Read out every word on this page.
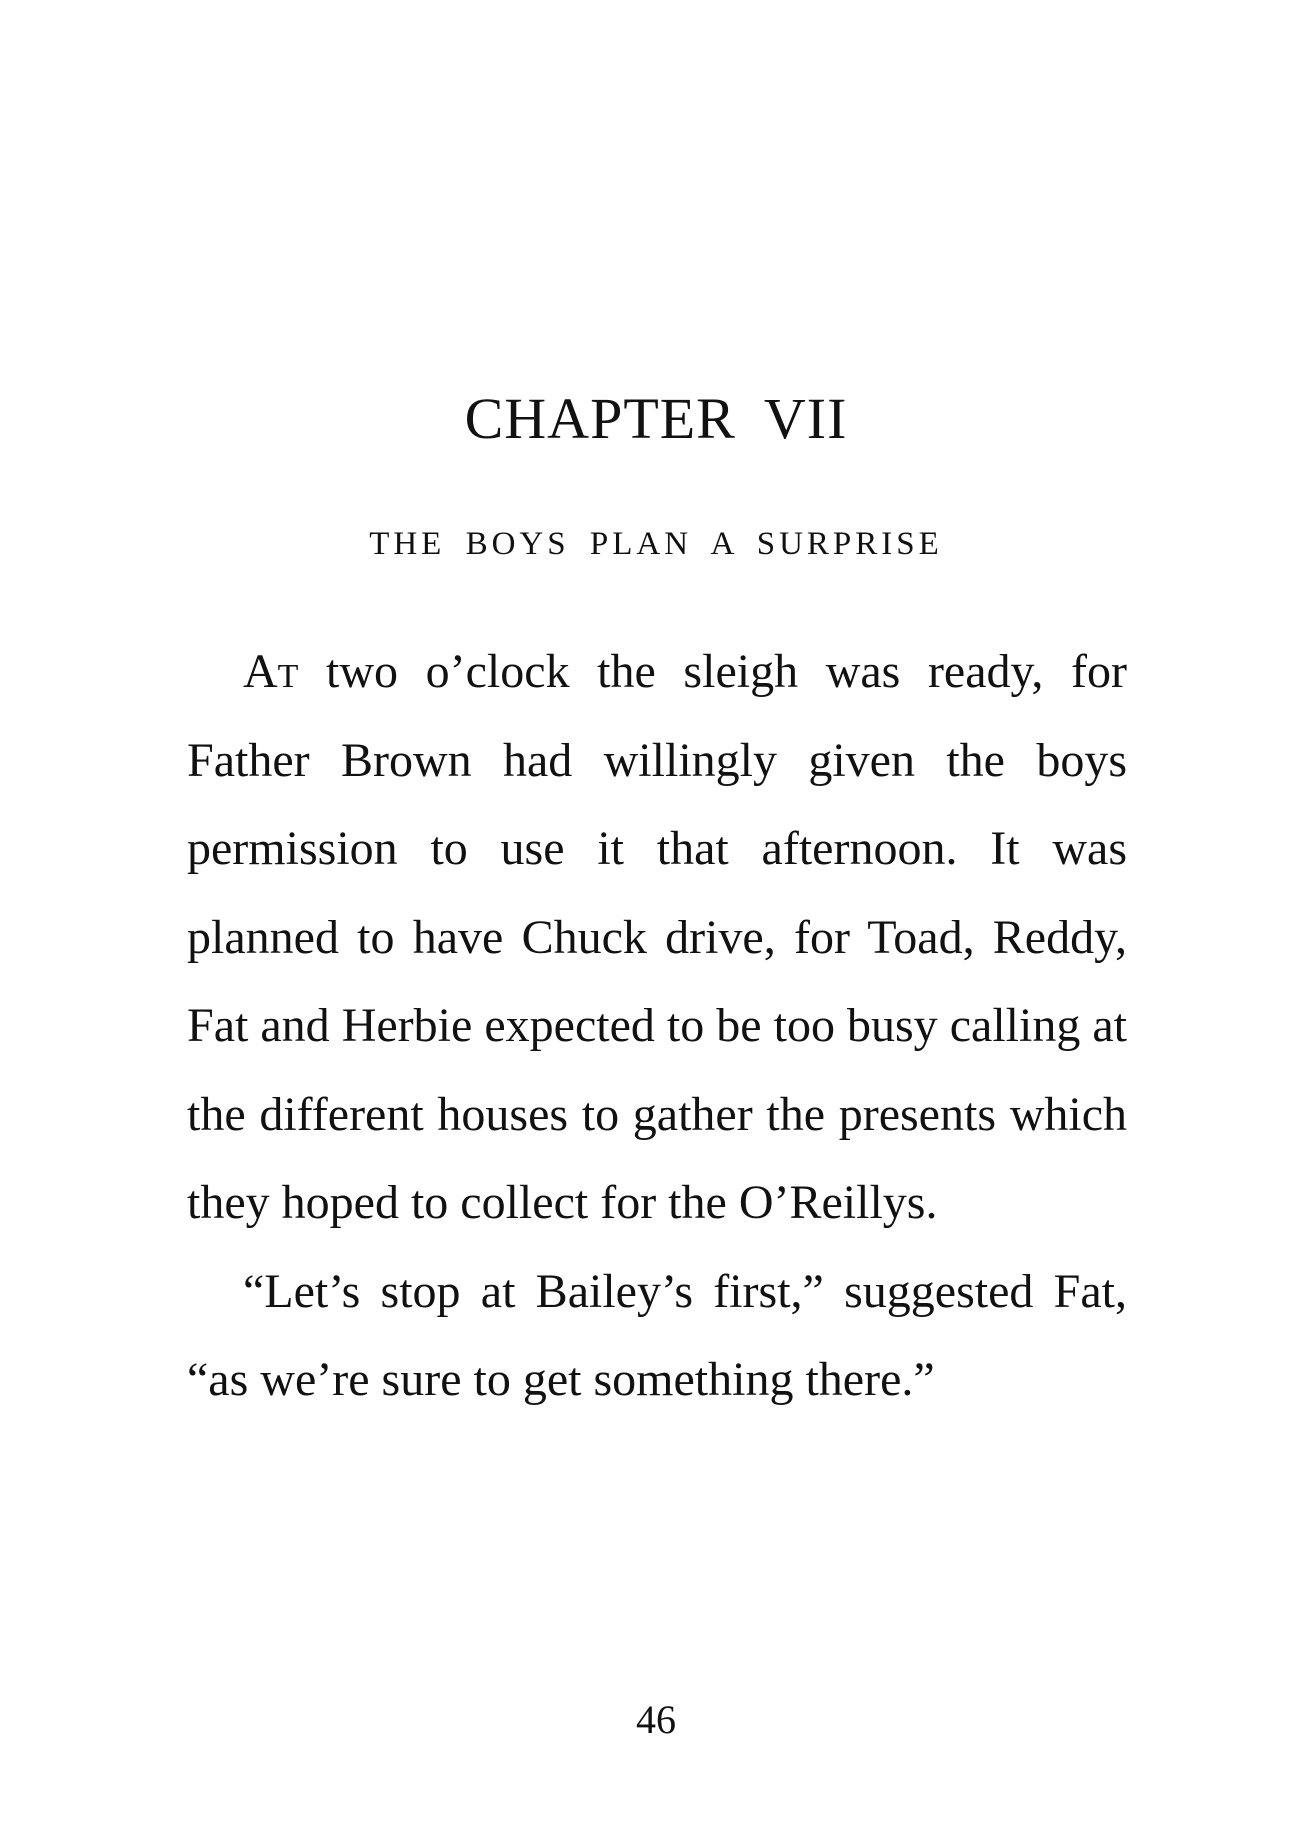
CHAPTER VII
THE BOYS PLAN A SURPRISE

At two o’clock the sleigh was ready, for Father Brown had willingly given the boys permission to use it that afternoon. It was planned to have Chuck drive, for Toad, Reddy, Fat and Herbie expected to be too busy calling at the different houses to gather the presents which they hoped to collect for the O’Reillys.

“Let’s stop at Bailey’s first,” suggested Fat, “as we’re sure to get something there.”

46
